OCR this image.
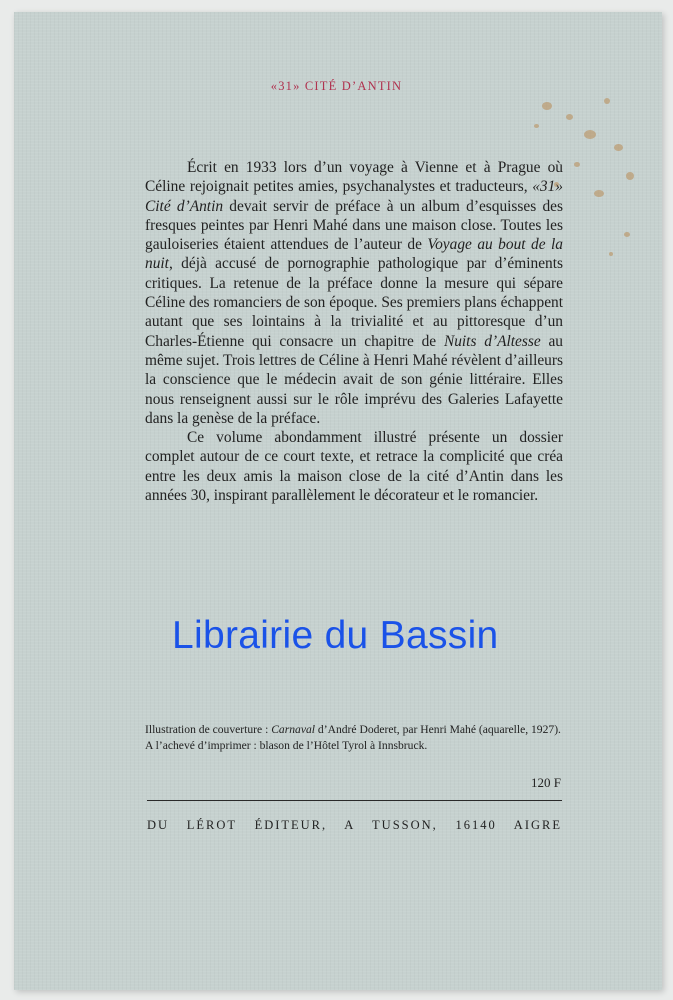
«31» CITÉ D’ANTIN

Écrit en 1933 lors d’un voyage à Vienne et à Prague où Céline rejoignait petites amies, psychanalystes et traducteurs, «31» Cité d’Antin devait servir de préface à un album d’esquisses des fresques peintes par Henri Mahé dans une maison close. Toutes les gauloiseries étaient attendues de l’auteur de Voyage au bout de la nuit, déjà accusé de pornographie pathologique par d’éminents critiques. La retenue de la préface donne la mesure qui sépare Céline des romanciers de son époque. Ses premiers plans échappent autant que ses lointains à la trivialité et au pittoresque d’un Charles-Étienne qui consacre un chapitre de Nuits d’Altesse au même sujet. Trois lettres de Céline à Henri Mahé révèlent d’ailleurs la conscience que le médecin avait de son génie littéraire. Elles nous renseignent aussi sur le rôle imprévu des Galeries Lafayette dans la genèse de la préface.

Ce volume abondamment illustré présente un dossier complet autour de ce court texte, et retrace la complicité que créa entre les deux amis la maison close de la cité d’Antin dans les années 30, inspirant parallèlement le décorateur et le romancier.

Librairie du Bassin
Illustration de couverture : Carnaval d’André Doderet, par Henri Mahé (aquarelle, 1927).
A l’achevé d’imprimer : blason de l’Hôtel Tyrol à Innsbruck.
120 F
DU LÉROT ÉDITEUR, A TUSSON, 16140 AIGRE
